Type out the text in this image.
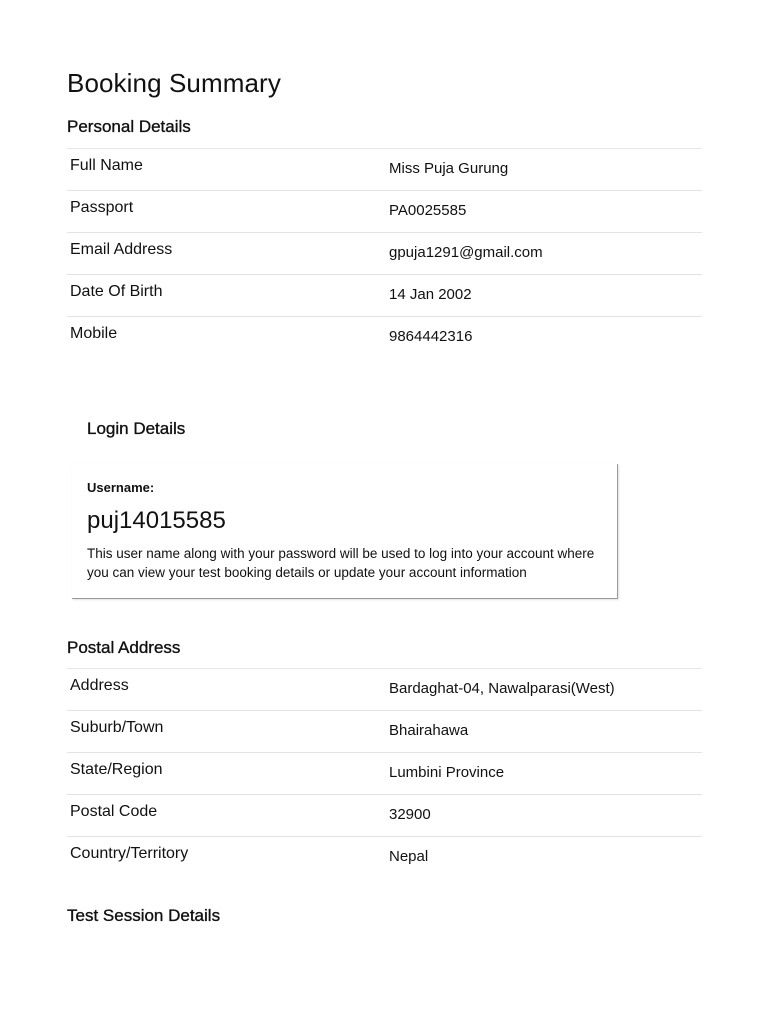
Booking Summary
Personal Details
Full Name	Miss Puja Gurung
Passport	PA0025585
Email Address	gpuja1291@gmail.com
Date Of Birth	14 Jan 2002
Mobile	9864442316
Login Details
Username:
puj14015585
This user name along with your password will be used to log into your account where you can view your test booking details or update your account information
Postal Address
Address	Bardaghat-04, Nawalparasi(West)
Suburb/Town	Bhairahawa
State/Region	Lumbini Province
Postal Code	32900
Country/Territory	Nepal
Test Session Details
